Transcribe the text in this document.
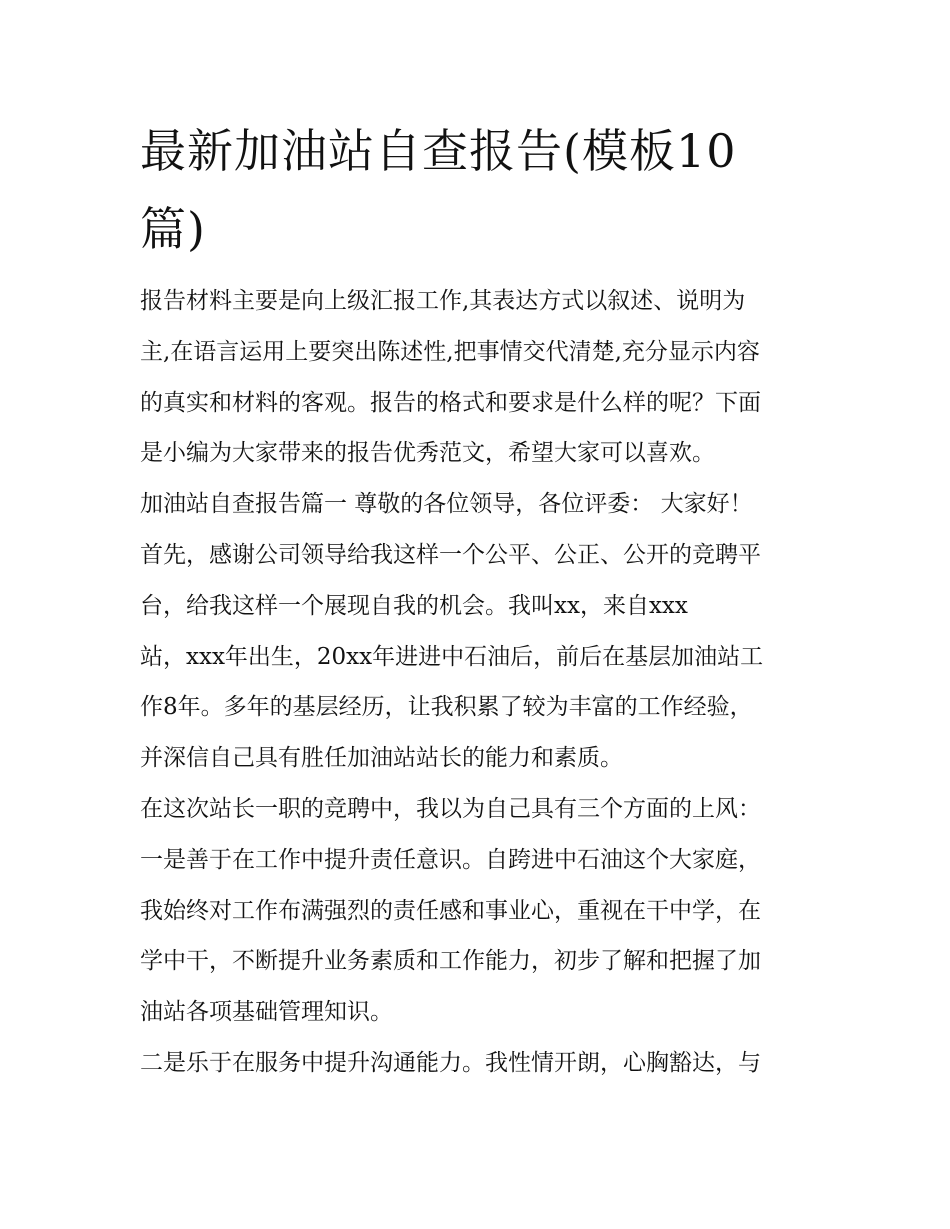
最新加油站自查报告(模板10
篇)
报告材料主要是向上级汇报工作,其表达方式以叙述、说明为
主,在语言运用上要突出陈述性,把事情交代清楚,充分显示内容
的真实和材料的客观。报告的格式和要求是什么样的呢？下面
是小编为大家带来的报告优秀范文，希望大家可以喜欢。
加油站自查报告篇一 尊敬的各位领导，各位评委： 大家好！
首先，感谢公司领导给我这样一个公平、公正、公开的竞聘平
台，给我这样一个展现自我的机会。我叫xx，来自xxx
站，xxx年出生，20xx年进进中石油后，前后在基层加油站工
作8年。多年的基层经历，让我积累了较为丰富的工作经验，
并深信自己具有胜任加油站站长的能力和素质。
在这次站长一职的竞聘中，我以为自己具有三个方面的上风：
一是善于在工作中提升责任意识。自跨进中石油这个大家庭，
我始终对工作布满强烈的责任感和事业心，重视在干中学，在
学中干，不断提升业务素质和工作能力，初步了解和把握了加
油站各项基础管理知识。
二是乐于在服务中提升沟通能力。我性情开朗，心胸豁达，与
